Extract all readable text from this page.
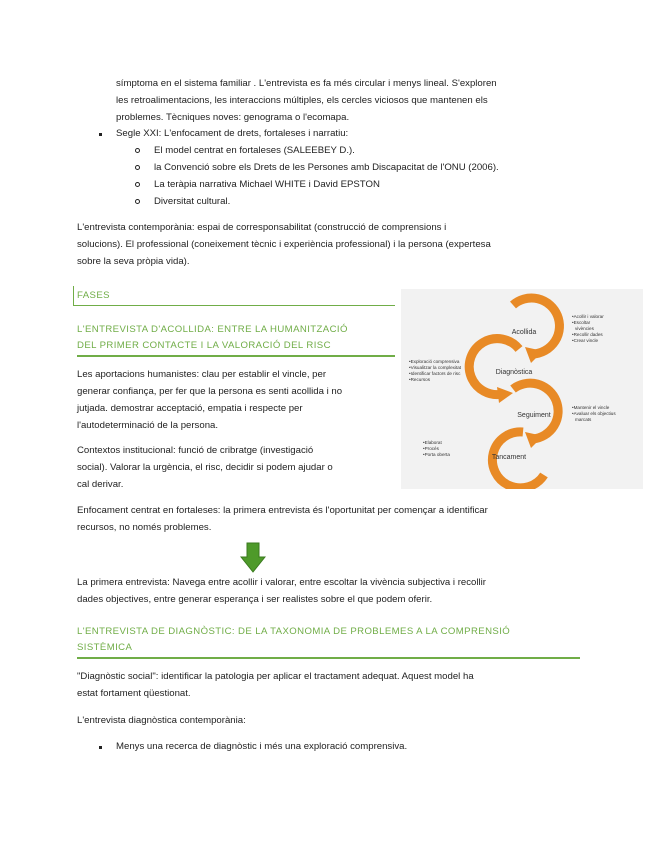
símptoma en el sistema familiar . L'entrevista es fa més circular i menys lineal. S'exploren
les retroalimentacions, les interaccions múltiples, els cercles viciosos que mantenen els
problemes. Tècniques noves: genograma o l'ecomapa.
Segle XXI: L'enfocament de drets, fortaleses i narratiu:
El model centrat en fortaleses (SALEEBEY D.).
la Convenció sobre els Drets de les Persones amb Discapacitat de l'ONU (2006).
La teràpia narrativa Michael WHITE i David EPSTON
Diversitat cultural.
L'entrevista contemporània: espai de corresponsabilitat (construcció de comprensions i
solucions). El professional (coneixement tècnic i experiència professional) i la persona (expertesa
sobre la seva pròpia vida).
FASES
L'ENTREVISTA D'ACOLLIDA: ENTRE LA HUMANITZACIÓ
DEL PRIMER CONTACTE I LA VALORACIÓ DEL RISC
Les aportacions humanistes: clau per establir el vincle, per
generar confiança, per fer que la persona es senti acollida i no
jutjada. demostrar acceptació, empatia i respecte per
l'autodeterminació de la persona.
Contextos institucional: funció de cribratge (investigació
social). Valorar la urgència, el risc, decidir si podem ajudar o
cal derivar.
Acollida
Diagnòstica
Seguiment
Tancament
•Acollir i valorar
•Escoltar
vivències
•Recollir dades
•Crear vincle
•Exploració comprensiva
•Visualitzar la complexitat
•Identificar factors de risc
•Recursos
•Mantenir el vincle
•Avaluar els objectius
marcats
•Elaborat
•Procés
•Porta oberta
Enfocament centrat en fortaleses: la primera entrevista és l'oportunitat per començar a identificar
recursos, no només problemes.
La primera entrevista: Navega entre acollir i valorar, entre escoltar la vivència subjectiva i recollir
dades objectives, entre generar esperança i ser realistes sobre el que podem oferir.
L'ENTREVISTA DE DIAGNÒSTIC: DE LA TAXONOMIA DE PROBLEMES A LA COMPRENSIÓ
SISTÈMICA
"Diagnòstic social": identificar la patologia per aplicar el tractament adequat. Aquest model ha
estat fortament qüestionat.
L'entrevista diagnòstica contemporània:
Menys una recerca de diagnòstic i més una exploració comprensiva.
